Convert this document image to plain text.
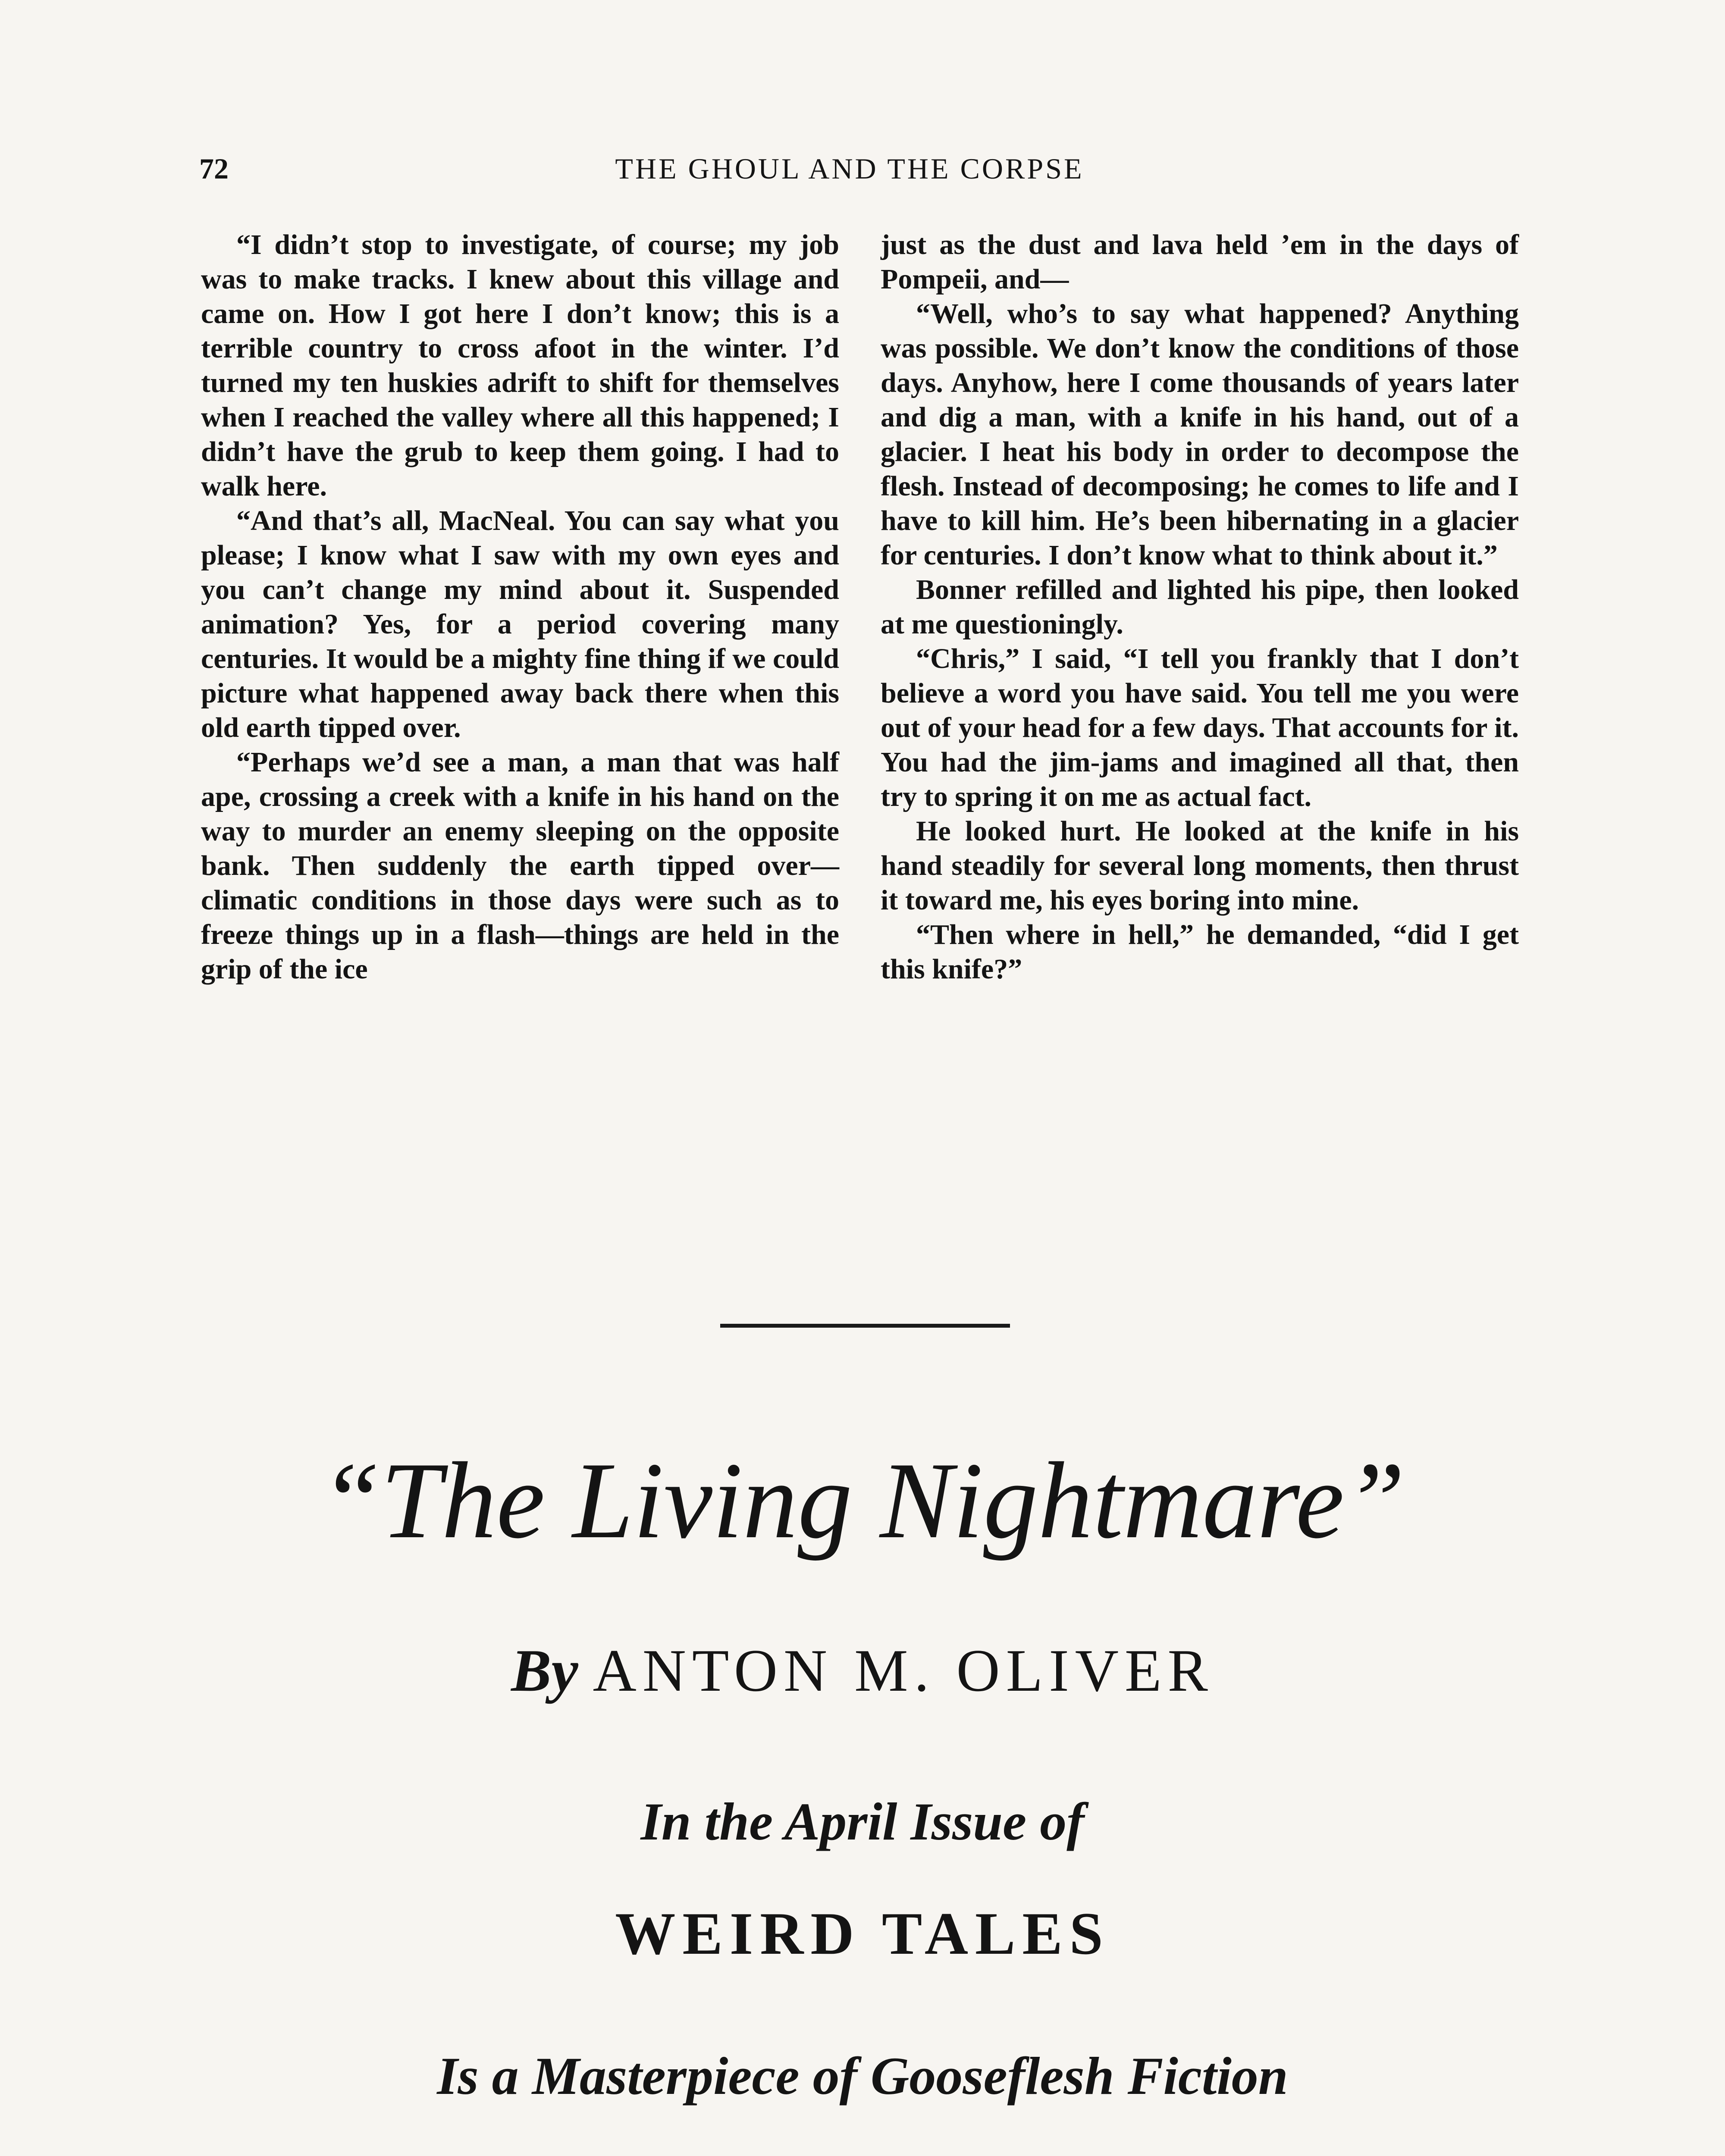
72	THE GHOUL AND THE CORPSE

“I didn’t stop to investigate, of course; my job was to make tracks. I knew about this village and came on. How I got here I don’t know; this is a terrible country to cross afoot in the winter. I’d turned my ten huskies adrift to shift for themselves when I reached the valley where all this happened; I didn’t have the grub to keep them going. I had to walk here.

“And that’s all, MacNeal. You can say what you please; I know what I saw with my own eyes and you can’t change my mind about it. Suspended animation? Yes, for a period covering many centuries. It would be a mighty fine thing if we could picture what happened away back there when this old earth tipped over.

“Perhaps we’d see a man, a man that was half ape, crossing a creek with a knife in his hand on the way to murder an enemy sleeping on the opposite bank. Then suddenly the earth tipped over—climatic conditions in those days were such as to freeze things up in a flash—things are held in the grip of the ice

just as the dust and lava held ’em in the days of Pompeii, and—

“Well, who’s to say what happened? Anything was possible. We don’t know the conditions of those days. Anyhow, here I come thousands of years later and dig a man, with a knife in his hand, out of a glacier. I heat his body in order to decompose the flesh. Instead of decomposing; he comes to life and I have to kill him. He’s been hibernating in a glacier for centuries. I don’t know what to think about it.”

Bonner refilled and lighted his pipe, then looked at me questioningly.

“Chris,” I said, “I tell you frankly that I don’t believe a word you have said. You tell me you were out of your head for a few days. That accounts for it. You had the jim-jams and imagined all that, then try to spring it on me as actual fact.

He looked hurt. He looked at the knife in his hand steadily for several long moments, then thrust it toward me, his eyes boring into mine.

“Then where in hell,” he demanded, “did I get this knife?”

“The Living Nightmare”
By ANTON M. OLIVER
In the April Issue of
WEIRD TALES
Is a Masterpiece of Gooseflesh Fiction
